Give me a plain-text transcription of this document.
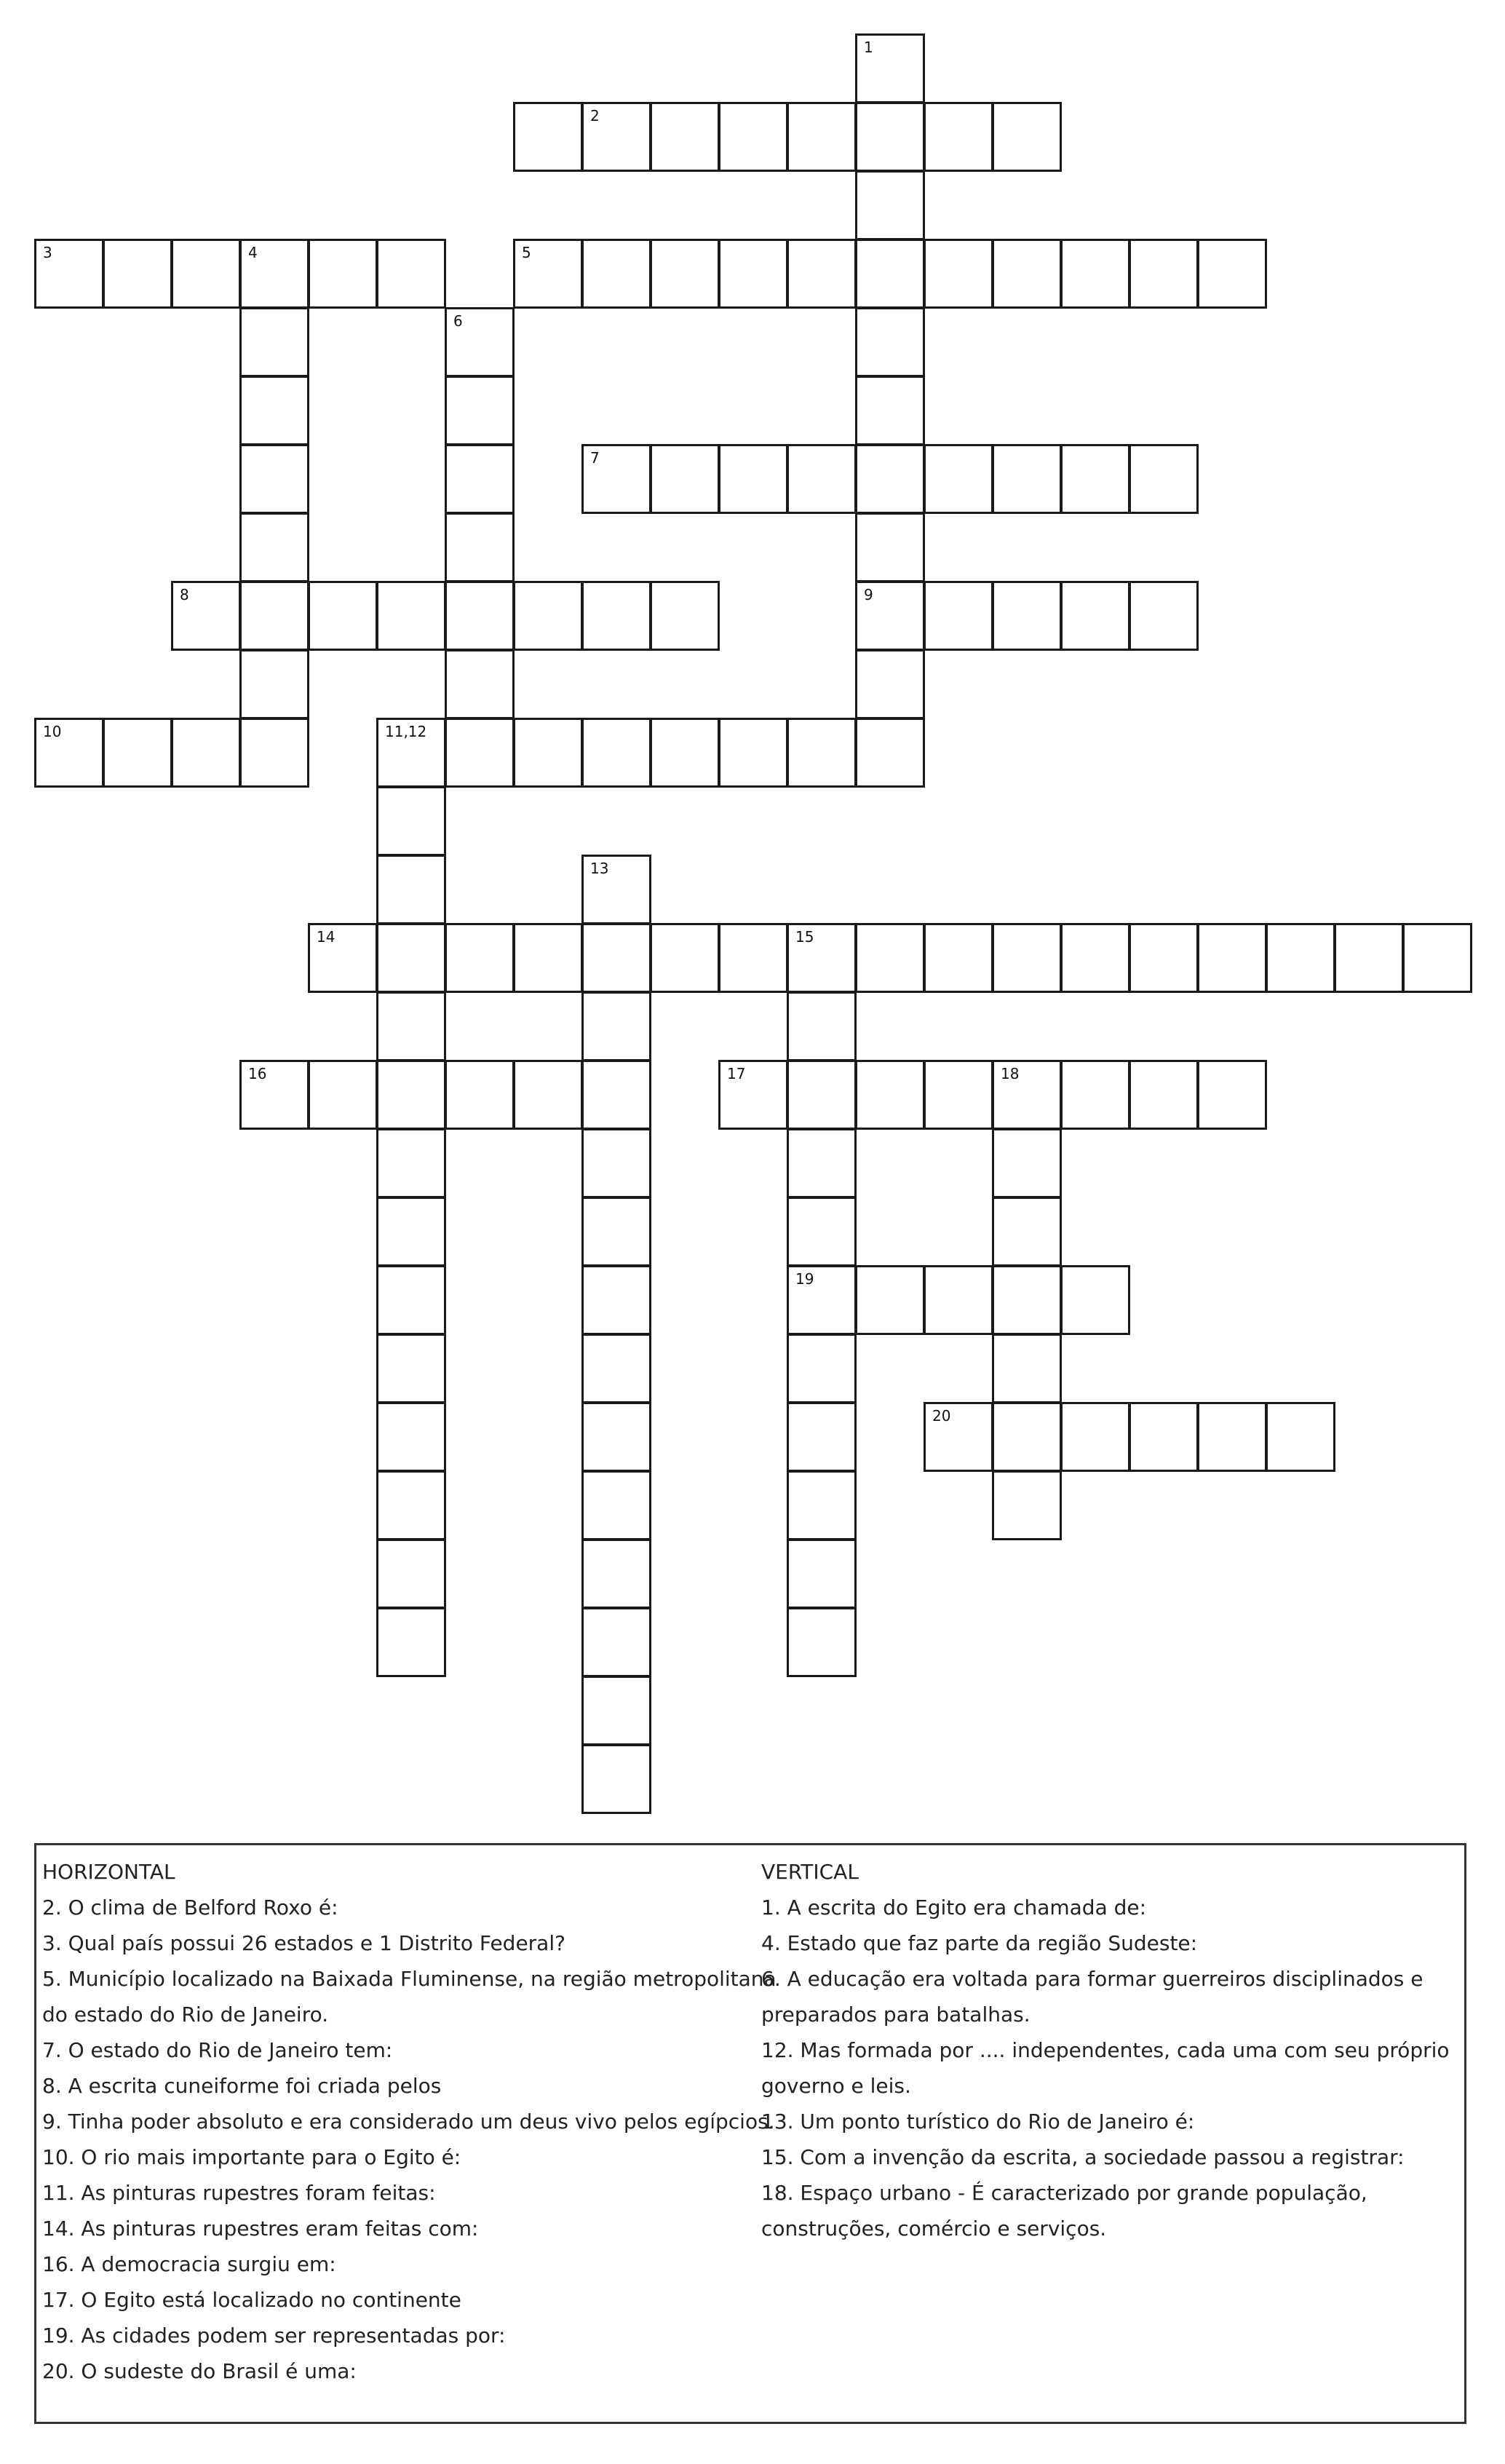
2
3	4	5
7
8	9
10	11,12
14	15
16	17	18
19
20
1
6
13
HORIZONTAL
2. O clima de Belford Roxo é:
3. Qual país possui 26 estados e 1 Distrito Federal?
5. Município localizado na Baixada Fluminense, na região metropolitana
do estado do Rio de Janeiro.
7. O estado do Rio de Janeiro tem:
8. A escrita cuneiforme foi criada pelos
9. Tinha poder absoluto e era considerado um deus vivo pelos egípcios.
10. O rio mais importante para o Egito é:
11. As pinturas rupestres foram feitas:
14. As pinturas rupestres eram feitas com:
16. A democracia surgiu em:
17. O Egito está localizado no continente
19. As cidades podem ser representadas por:
20. O sudeste do Brasil é uma:
VERTICAL
1. A escrita do Egito era chamada de:
4. Estado que faz parte da região Sudeste:
6. A educação era voltada para formar guerreiros disciplinados e
preparados para batalhas.
12. Mas formada por .... independentes, cada uma com seu próprio
governo e leis.
13. Um ponto turístico do Rio de Janeiro é:
15. Com a invenção da escrita, a sociedade passou a registrar:
18. Espaço urbano - É caracterizado por grande população,
construções, comércio e serviços.
